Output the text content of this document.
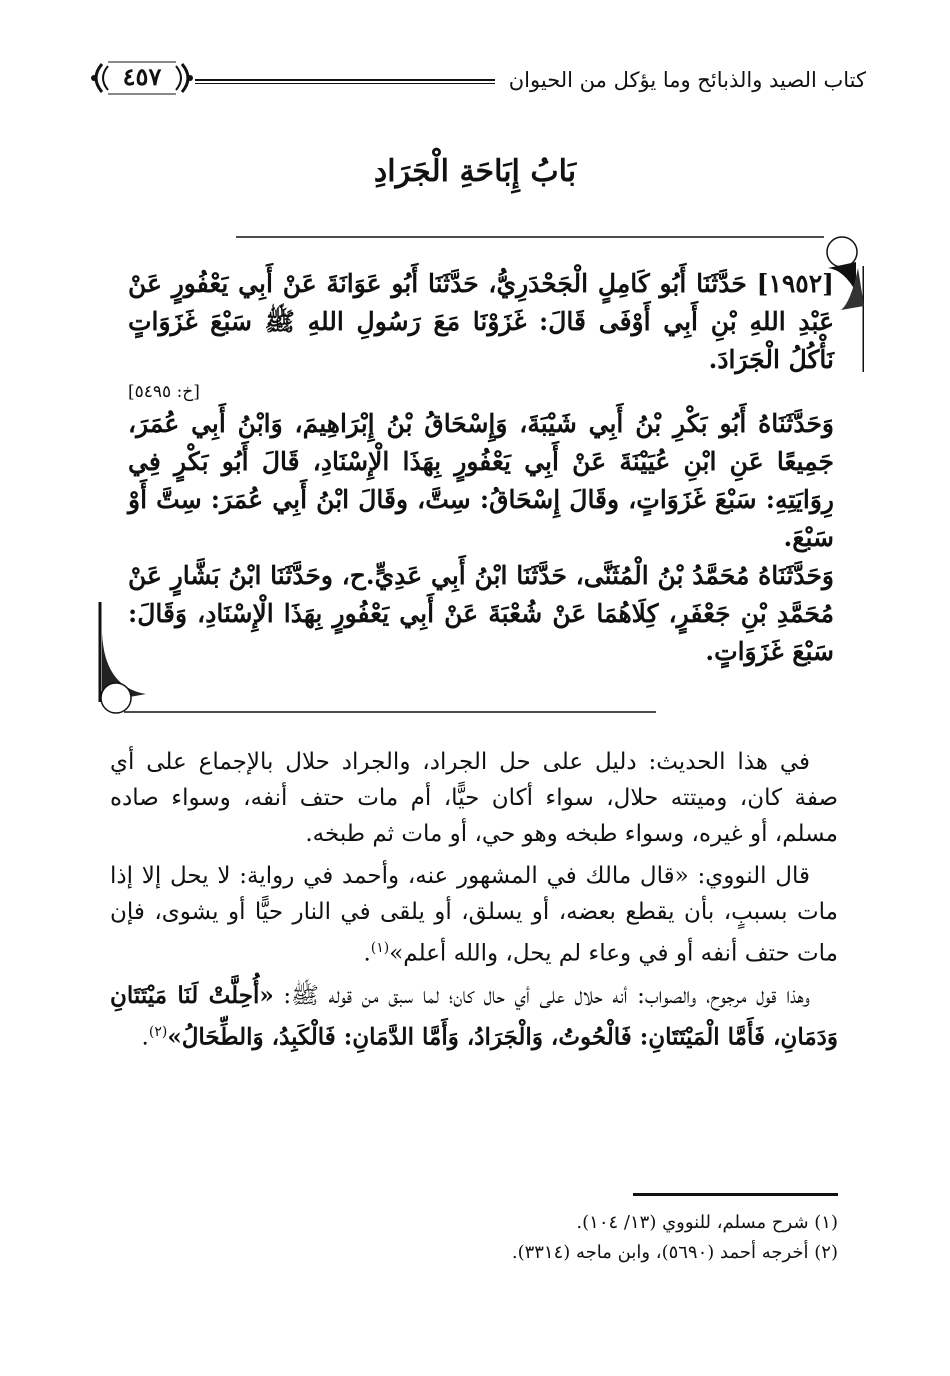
كتاب الصيد والذبائح وما يؤكل من الحيوان
٤٥٧
بَابُ إِبَاحَةِ الْجَرَادِ

[١٩٥٢] حَدَّثَنَا أَبُو كَامِلٍ الْجَحْدَرِيُّ، حَدَّثَنَا أَبُو عَوَانَةَ عَنْ أَبِي يَعْفُورٍ عَنْ عَبْدِ اللهِ بْنِ أَبِي أَوْفَى قَالَ: غَزَوْنَا مَعَ رَسُولِ اللهِ ﷺ سَبْعَ غَزَوَاتٍ نَأْكُلُ الْجَرَادَ.

[خ: ٥٤٩٥]

وَحَدَّثَنَاهُ أَبُو بَكْرِ بْنُ أَبِي شَيْبَةَ، وَإِسْحَاقُ بْنُ إِبْرَاهِيمَ، وَابْنُ أَبِي عُمَرَ، جَمِيعًا عَنِ ابْنِ عُيَيْنَةَ عَنْ أَبِي يَعْفُورٍ بِهَذَا الْإِسْنَادِ، قَالَ أَبُو بَكْرٍ فِي رِوَايَتِهِ: سَبْعَ غَزَوَاتٍ، وقَالَ إِسْحَاقُ: سِتَّ، وقَالَ ابْنُ أَبِي عُمَرَ: سِتَّ أَوْ سَبْعَ.

وَحَدَّثَنَاهُ مُحَمَّدُ بْنُ الْمُثَنَّى، حَدَّثَنَا ابْنُ أَبِي عَدِيٍّ.ح، وحَدَّثَنَا ابْنُ بَشَّارٍ عَنْ مُحَمَّدِ بْنِ جَعْفَرٍ، كِلَاهُمَا عَنْ شُعْبَةَ عَنْ أَبِي يَعْفُورٍ بِهَذَا الْإِسْنَادِ، وَقَالَ: سَبْعَ غَزَوَاتٍ.

في هذا الحديث: دليل على حل الجراد، والجراد حلال بالإجماع على أي صفة كان، وميتته حلال، سواء أكان حيًّا، أم مات حتف أنفه، وسواء صاده مسلم، أو غيره، وسواء طبخه وهو حي، أو مات ثم طبخه.

قال النووي: «قال مالك في المشهور عنه، وأحمد في رواية: لا يحل إلا إذا مات بسببٍ، بأن يقطع بعضه، أو يسلق، أو يلقى في النار حيًّا أو يشوى، فإن مات حتف أنفه أو في وعاء لم يحل، والله أعلم»$^{(١)}$.

وهذا قول مرجوح، والصواب: أنه حلال على أي حال كان؛ لما سبق من قوله ﷺ: «أُحِلَّتْ لَنَا مَيْتَتَانِ وَدَمَانِ، فَأَمَّا الْمَيْتَتَانِ: فَالْحُوتُ، وَالْجَرَادُ، وَأَمَّا الدَّمَانِ: فَالْكَبِدُ، وَالطِّحَالُ»$^{(٢)}$.

(١) شرح مسلم، للنووي (١٣/ ١٠٤).
(٢) أخرجه أحمد (٥٦٩٠)، وابن ماجه (٣٣١٤).
